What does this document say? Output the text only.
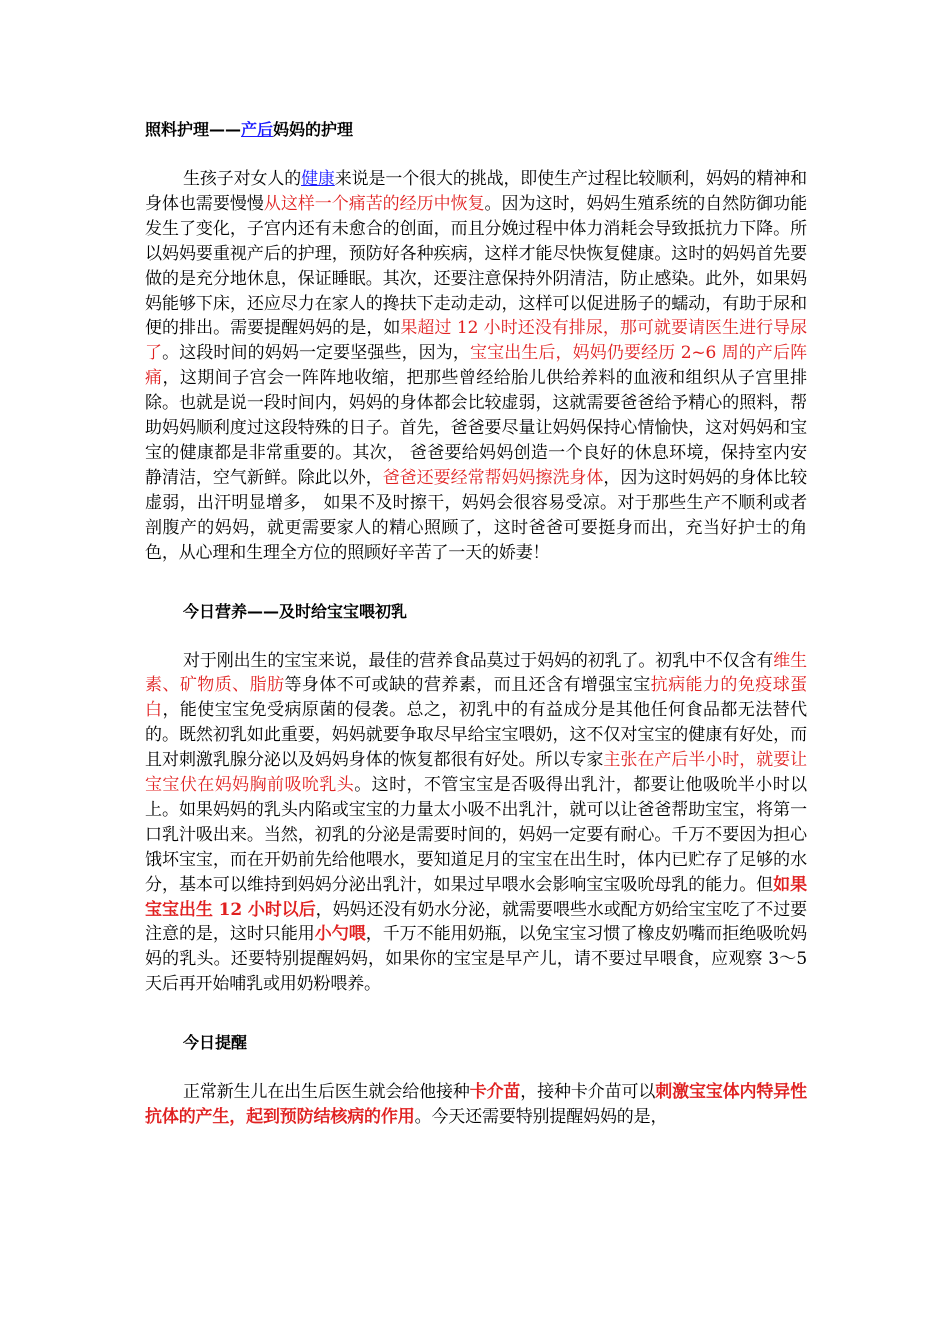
照料护理——产后妈妈的护理

生孩子对女人的健康来说是一个很大的挑战，即使生产过程比较顺利，妈妈的精神和身体也需要慢慢从这样一个痛苦的经历中恢复。因为这时，妈妈生殖系统的自然防御功能发生了变化，子宫内还有未愈合的创面，而且分娩过程中体力消耗会导致抵抗力下降。所以妈妈要重视产后的护理，预防好各种疾病，这样才能尽快恢复健康。这时的妈妈首先要做的是充分地休息，保证睡眠。其次，还要注意保持外阴清洁，防止感染。此外，如果妈妈能够下床，还应尽力在家人的搀扶下走动走动，这样可以促进肠子的蠕动，有助于尿和便的排出。需要提醒妈妈的是，如果超过 12 小时还没有排尿，那可就要请医生进行导尿了。这段时间的妈妈一定要坚强些，因为，宝宝出生后，妈妈仍要经历 2~6 周的产后阵痛，这期间子宫会一阵阵地收缩，把那些曾经给胎儿供给养料的血液和组织从子宫里排除。也就是说一段时间内，妈妈的身体都会比较虚弱，这就需要爸爸给予精心的照料，帮助妈妈顺利度过这段特殊的日子。首先，爸爸要尽量让妈妈保持心情愉快，这对妈妈和宝宝的健康都是非常重要的。其次， 爸爸要给妈妈创造一个良好的休息环境，保持室内安静清洁，空气新鲜。除此以外，爸爸还要经常帮妈妈擦洗身体，因为这时妈妈的身体比较虚弱，出汗明显增多， 如果不及时擦干，妈妈会很容易受凉。对于那些生产不顺利或者剖腹产的妈妈，就更需要家人的精心照顾了，这时爸爸可要挺身而出，充当好护士的角色，从心理和生理全方位的照顾好辛苦了一天的娇妻！

今日营养——及时给宝宝喂初乳

对于刚出生的宝宝来说，最佳的营养食品莫过于妈妈的初乳了。初乳中不仅含有维生素、矿物质、脂肪等身体不可或缺的营养素，而且还含有增强宝宝抗病能力的免疫球蛋白，能使宝宝免受病原菌的侵袭。总之，初乳中的有益成分是其他任何食品都无法替代的。既然初乳如此重要，妈妈就要争取尽早给宝宝喂奶，这不仅对宝宝的健康有好处，而且对刺激乳腺分泌以及妈妈身体的恢复都很有好处。所以专家主张在产后半小时，就要让宝宝伏在妈妈胸前吸吮乳头。这时，不管宝宝是否吸得出乳汁，都要让他吸吮半小时以上。如果妈妈的乳头内陷或宝宝的力量太小吸不出乳汁，就可以让爸爸帮助宝宝，将第一口乳汁吸出来。当然，初乳的分泌是需要时间的，妈妈一定要有耐心。千万不要因为担心饿坏宝宝，而在开奶前先给他喂水，要知道足月的宝宝在出生时，体内已贮存了足够的水分，基本可以维持到妈妈分泌出乳汁，如果过早喂水会影响宝宝吸吮母乳的能力。但如果宝宝出生 12 小时以后，妈妈还没有奶水分泌，就需要喂些水或配方奶给宝宝吃了不过要注意的是，这时只能用小勺喂，千万不能用奶瓶，以免宝宝习惯了橡皮奶嘴而拒绝吸吮妈妈的乳头。还要特别提醒妈妈，如果你的宝宝是早产儿，请不要过早喂食，应观察 3～5 天后再开始哺乳或用奶粉喂养。

今日提醒

正常新生儿在出生后医生就会给他接种卡介苗，接种卡介苗可以刺激宝宝体内特异性抗体的产生，起到预防结核病的作用。今天还需要特别提醒妈妈的是，
